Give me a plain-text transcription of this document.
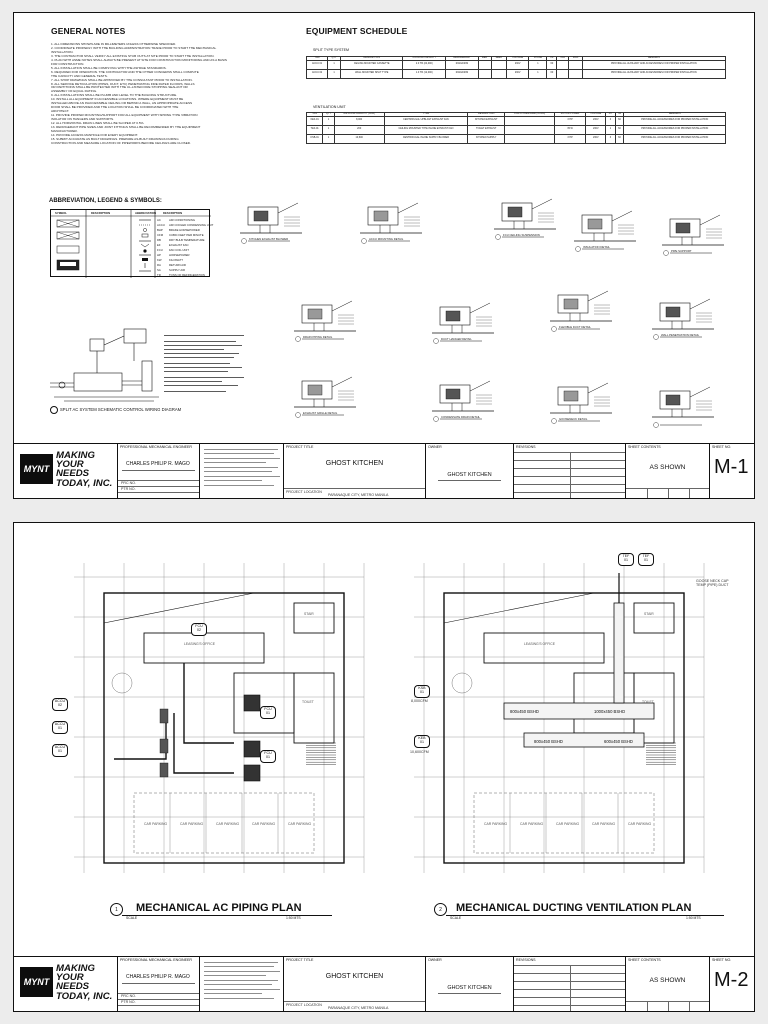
GENERAL NOTES
1. ALL DIMENSIONS SHOWN ARE IN MILLIMETERS UNLESS OTHERWISE SPECIFIED.
2. COORDINATE PROPERLY WITH THE BUILDING ADMINISTRATION TRADE PRIOR TO START THE MECHANICAL
INSTALLATION.
3. THE CONTRACTOR SHALL VERIFY ALL EXISTING STUB OUTS AT SITE PRIOR TO START THE INSTALLATION.
4. PLAN WITH ASME NOTES SHALL ALWAYS BE PRESENT AT SITE FOR CONSTRUCTION MONITORING AND AS A BASIS
FOR CONSTRUCTION.
5. ALL INSTALLATION SHALL BE COMPLYING WITH THE ASHRAE STANDARDS.
6. REQUIRED FOR OPERATION. THE CONTRACTOR AND THE OTHER CONCERNS SHALL COMPUTE
THE CAPACITY AND GENERAL TESTS.
7. ALL SHOP DRAWINGS SHALL BE APPROVED BY THE CONSULTANT PRIOR TO INSTALLATION.
8. ALL SERVICE RETICULATION (PIPES, DUCT, ETC) PENETRATING FIRE RATED FLOORS, WALLS
OR PARTITIONS SHALL BE PROTECTED WITH THE UL-LISTED FIRE STOPPING SEALANT OR
ASSEMBLY OF EQUAL RATING.
9. ALL INSTALLATIONS SHALL BE PLUMB AND LEVEL TO THE BUILDING STRUCTURE.
10. INSTALL ALL EQUIPMENT IN ACCESSIBLE LOCATIONS. WHERE EQUIPMENT MUST BE
INSTALLED ABOVE AN INACCESSIBLE CEILING OR BEHIND A WALL, AN APPROPRIATE ACCESS
DOOR SHALL BE PROVIDED AND THE LOCATION SHALL BE COORDINATED WITH THE
ARCHITECT.
11. PROVIDE PROPER MOUNTING/SUPPORT FOR ALL EQUIPMENT WITH SPRING TYPE VIBRATION
ISOLATOR ON HANGERS AND SUPPORTS.
12. ALL HORIZONTAL DRAIN LINES SHALL BE SLOPED AT 0.5%.
13. REFRIGERANT PIPE SIZES AND JOINT FITTINGS SHALL BE RECOMMENDED BY THE EQUIPMENT
MANUFACTURER.
14. PROVIDE ACCESS MANHOLE FOR EVERY EQUIPMENT.
15. SUBMIT ACCURATE AS BUILT DRAWINGS. PREPARE AS-BUILT DRAWINGS DURING
CONSTRUCTION AND MEASURE LOCATION OF PIPEWORKS BEFORE CEILINGS ARE CLOSED.
EQUIPMENT SCHEDULE
SPLIT TYPE SYSTEM
TAG	QTY	DESCRIPTION	COOLING CAPACITY	REFRIGERANT	EER	SEER	VOLTAGE	PHASE	HZ	FLA	MCA	REMARKS
ACCU 01	1	CEILING MOUNTED CASSETTE	2.0 TR (24,000)	R410A/R32			230V	1	60			PROVIDE ALL AUXILIARY AND ACCESSORIES FOR PROPER INSTALLATION
ACCU 02	1	WALL MOUNTED SPLIT TYPE	1.0 TR (12,000)	R410A/R32			230V	1	60			PROVIDE ALL AUXILIARY AND ACCESSORIES FOR PROPER INSTALLATION
VENTILATION UNIT
TAG	QTY	AIR FLOW CAPACITY (CFM)	TYPE	DESCRIPTION	STATIC PRESSURE (IN WG)	MOTOR POWER	VOLTAGE	PH	HZ	REMARKS
KEF-01	1	8,000	CENTRIFUGAL UPBLAST EXHAUST FAN	KITCHEN EXHAUST		3 HP	230V	3	60	PROVIDE ALL ACCESSORIES FOR PROPER INSTALLATION
TEF-01	1	200	CEILING MOUNTED TYPE INLINE EXHAUST FAN	TOILET EXHAUST		35 W	230V	1	60	PROVIDE ALL ACCESSORIES FOR PROPER INSTALLATION
KSB-01	1	10,600	CENTRIFUGAL INLINE SUPPLY BLOWER	KITCHEN SUPPLY		3 HP	230V	3	60	PROVIDE ALL ACCESSORIES FOR PROPER INSTALLATION
ABBREVIATION, LEGEND & SYMBOLS:
SYMBOL	DESCRIPTION	ABBREVIATION DESCRIPTION
AC	AIR CONDITIONING
ACCU AIR COOLED CONDENSING UNIT
BHP BRAKE HORSEPOWER
CFM CUBIC FEET PER MINUTE
DB	DRY BULB TEMPERATURE
EF	EXHAUST FAN
FCU FAN COIL UNIT
HP	HORSEPOWER
KW	KILOWATT
RA	RETURN AIR
SA	SUPPLY AIR
TR	TONS OF REFRIGERATION
SPLIT AC SYSTEM SCHEMATIC CONTROL WIRING DIAGRAM
KITCHEN EXHAUST BLOWER	ACCU MOUNTING DETAIL
FCU CEILING SUSPENSION
INSULATION DETAIL
PIPE SUPPORT
DRAIN PIPING DETAIL	DUCT HANGER DETAIL
FLEXIBLE DUCT DETAIL
WALL PENETRATION DETAIL
EXHAUST GRILLE DETAIL
CONDENSATE DRAIN DETAIL	GOOSENECK DETAIL
MYNT
MAKING
YOUR
NEEDS
TODAY, INC.
PROFESSIONAL MECHANICAL ENGINEER
CHARLES PHILIP R. MAGO
PRC NO.
PTR NO.
PROJECT TITLE
GHOST KITCHEN
PROJECT LOCATION
PARANAQUE CITY, METRO MANILA
OWNER
GHOST KITCHEN
REVISIONS	SHEET CONTENTS
AS SHOWN
SHEET NO.
M-1
LEASING'S OFFICE
STAIR
TOILET
CAR PARKING	CAR PARKING	CAR PARKING	CAR PARKING	CAR PARKING
LEASING'S OFFICE
STAIR
TOILET
CAR PARKING	CAR PARKING	CAR PARKING	CAR PARKING	CAR PARKING
800x450 BSHD	1000x450 BSHD
800x450 BSHD	600x450 BSHD
ACCU
02
ACCU
01
ACCU
01
FCU
02
FCU
01
FCU
01
TEF
01
TEF
01
KSB
01
8,000CFM
KEB
01
10,600CFM
GOOSE NECK CAP
TEMP (PIPE) DUCT
1	MECHANICAL AC PIPING PLAN
SCALE	1:50 MTS
2	MECHANICAL DUCTING VENTILATION PLAN
SCALE	1:50 MTS
MYNT
MAKING
YOUR
NEEDS
TODAY, INC.
PROFESSIONAL MECHANICAL ENGINEER
CHARLES PHILIP R. MAGO
PRC NO.
PTR NO.
PROJECT TITLE
GHOST KITCHEN
PROJECT LOCATION
PARANAQUE CITY, METRO MANILA
OWNER
GHOST KITCHEN
REVISIONS	SHEET CONTENTS
AS SHOWN
SHEET NO.
M-2
